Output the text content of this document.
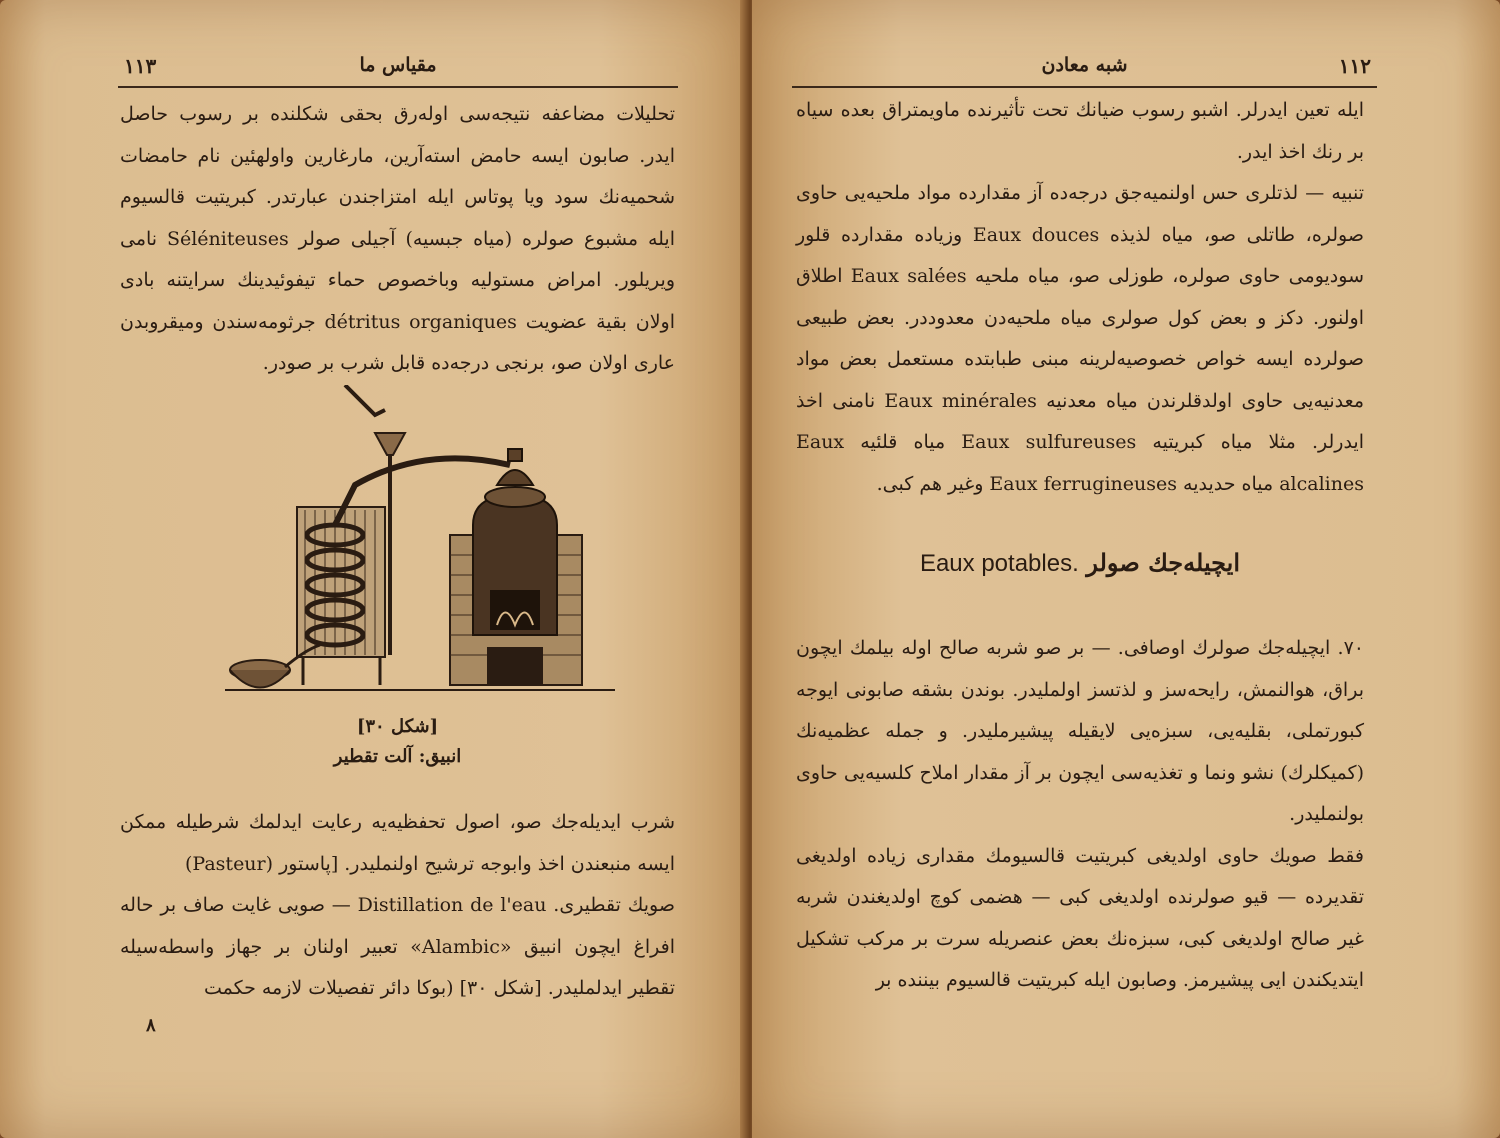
١١٣	مقياس ما

تحليلات مضاعفه نتيجه‌سى اوله‌رق بحقى شكلنده بر رسوب حاصل ايدر. صابون ايسه حامض استه‌آرين، مارغارين واولهئين نام حامضات شحميه‌نك سود ويا پوتاس ايله امتزاجندن عبارتدر. كبريتيت قالسيوم ايله مشبوع صولره (مياه جبسيه) آجيلى صولر Séléniteuses نامى ويريلور. امراض مستوليه وباخصوص حماء تيفوئيدينك سرايتنه بادى اولان بقية عضويت détritus organiques جرثومه‌سندن وميقروبدن عارى اولان صو، برنجى درجه‌ده قابل شرب بر صودر.

[شكل ٣٠]
انبيق: آلت تقطير

شرب ايديله‌جك صو، اصول تحفظيه‌يه رعايت ايدلمك شرطيله ممكن ايسه منبعندن اخذ وابوجه ترشيح اولنملیدر. [پاستور (Pasteur)

صويك تقطيرى. Distillation de l'eau — صويى غايت صاف بر حاله افراغ ايچون انبيق «Alambic» تعبير اولنان بر جهاز واسطه‌سيله تقطير ايدلمليدر. [شكل ٣٠] (بوكا دائر تفصيلات لازمه حكمت

٨
شبه معادن	١١٢

ايله تعين ايدرلر. اشبو رسوب ضيانك تحت تأثيرنده ماويمتراق بعده سياه بر رنك اخذ ايدر.

تنبيه — لذتلرى حس اولنميه‌جق درجه‌ده آز مقدارده مواد ملحيه‌يى حاوى صولره، طاتلى صو، مياه لذيذه Eaux douces وزياده مقدارده قلور سوديومى حاوى صولره، طوزلى صو، مياه ملحيه Eaux salées اطلاق اولنور. دكز و بعض كول صولرى مياه ملحيه‌دن معدوددر. بعض طبيعى صولرده ايسه خواص خصوصيه‌لرينه مبنى طبابتده مستعمل بعض مواد معدنيه‌يى حاوى اولدقلرندن مياه معدنيه Eaux minérales نامنى اخذ ايدرلر. مثلا مياه كبريتيه Eaux sulfureuses مياه قلئيه Eaux alcalines مياه حديديه Eaux ferrugineuses وغير هم كبى.

ايچيله‌جك صولر Eaux potables.

٧٠. ايچيله‌جك صولرك اوصافى. — بر صو شربه صالح اوله بيلمك ايچون براق، هوالنمش، رايحه‌سز و لذتسز اولمليدر. بوندن بشقه صابونى ايوجه كبورتملى، بقليه‌يى، سبزه‌يى لايقيله پيشيرمليدر. و جمله عظميه‌نك (كميكلرك) نشو ونما و تغذيه‌سى ايچون بر آز مقدار املاح كلسيه‌يى حاوى بولنمليدر.

فقط صويك حاوى اولديغى كبريتيت قالسيومك مقدارى زياده اولديغى تقديرده — قيو صولرنده اولديغى كبى — هضمى كوچ اولديغندن شربه غير صالح اولديغى كبى، سبزه‌نك بعض عنصريله سرت بر مركب تشكيل ايتديكندن ايى پيشيرمز. وصابون ايله كبريتيت قالسيوم بيننده بر
